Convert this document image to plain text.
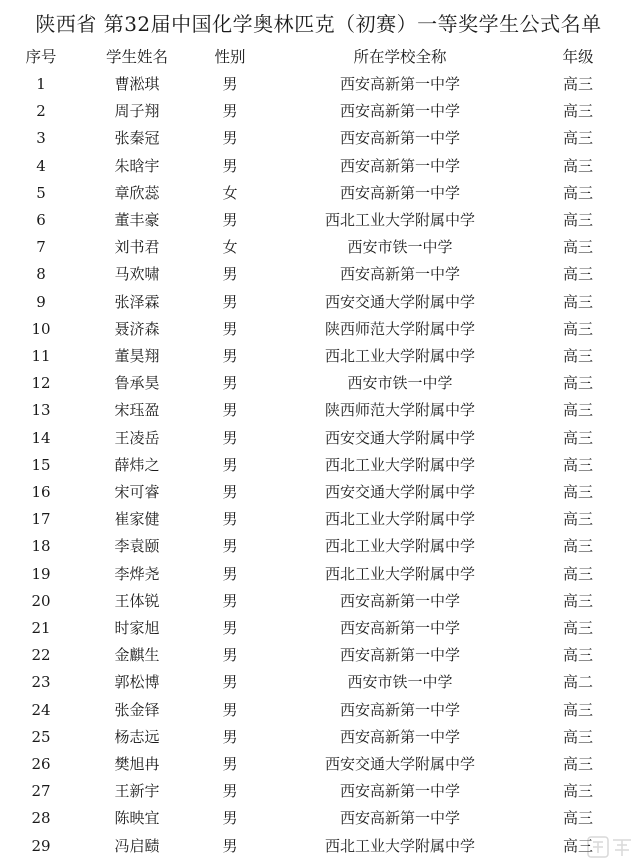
陕西省 第32届中国化学奥林匹克（初赛）一等奖学生公式名单
序号	学生姓名	性别	所在学校全称	年级
1	曹淞琪	男	西安高新第一中学	高三
2	周子翔	男	西安高新第一中学	高三
3	张秦冠	男	西安高新第一中学	高三
4	朱晗宇	男	西安高新第一中学	高三
5	章欣蕊	女	西安高新第一中学	高三
6	董丰豪	男	西北工业大学附属中学	高三
7	刘书君	女	西安市铁一中学	高三
8	马欢啸	男	西安高新第一中学	高三
9	张泽霖	男	西安交通大学附属中学	高三
10	聂济森	男	陕西师范大学附属中学	高三
11	董昊翔	男	西北工业大学附属中学	高三
12	鲁承昊	男	西安市铁一中学	高三
13	宋珏盈	男	陕西师范大学附属中学	高三
14	王凌岳	男	西安交通大学附属中学	高三
15	薛炜之	男	西北工业大学附属中学	高三
16	宋可睿	男	西安交通大学附属中学	高三
17	崔家健	男	西北工业大学附属中学	高三
18	李袁颐	男	西北工业大学附属中学	高三
19	李烨尧	男	西北工业大学附属中学	高三
20	王体锐	男	西安高新第一中学	高三
21	时家旭	男	西安高新第一中学	高三
22	金麒生	男	西安高新第一中学	高三
23	郭松博	男	西安市铁一中学	高二
24	张金铎	男	西安高新第一中学	高三
25	杨志远	男	西安高新第一中学	高三
26	樊旭冉	男	西安交通大学附属中学	高三
27	王新宇	男	西安高新第一中学	高三
28	陈映宜	男	西安高新第一中学	高三
29	冯启赜	男	西北工业大学附属中学	高三
